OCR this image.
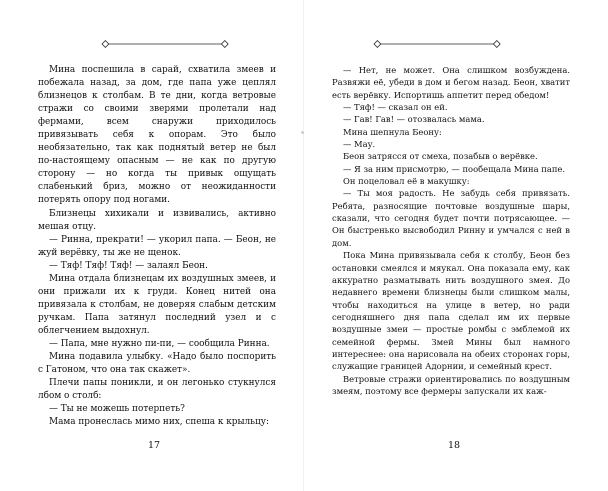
Мина поспешила в сарай, схватила змеев и побежала назад, за дом, где папа уже цеплял близнецов к столбам. В те дни, когда ветровые стражи со своими зверями пролетали над фермами, всем снаружи приходилось привязывать себя к опорам. Это было необязательно, так как поднятый ветер не был по-настоящему опасным — не как по другую сторону — но когда ты привык ощущать слабенький бриз, можно от неожиданности потерять опору под ногами.

Близнецы хихикали и извивались, активно мешая отцу.

— Ринна, прекрати! — укорил папа. — Беон, не жуй верёвку, ты же не щенок.

— Тяф! Тяф! Тяф! — залаял Беон.

Мина отдала близнецам их воздушных змеев, и они прижали их к груди. Конец нитей она привязала к столбам, не доверяя слабым детским ручкам. Папа затянул последний узел и с облегчением выдохнул.

— Папа, мне нужно пи-пи, — сообщила Ринна.

Мина подавила улыбку. «Надо было поспорить с Гатоном, что она так скажет».

Плечи папы поникли, и он легонько стукнулся лбом о столб:

— Ты не можешь потерпеть?

Мама пронеслась мимо них, спеша к крыльцу:

17

— Нет, не может. Она слишком возбуждена. Развяжи её, убеди в дом и бегом назад. Беон, хватит есть верёвку. Испортишь аппетит перед обедом!

— Тяф! — сказал он ей.

— Гав! Гав! — отозвалась мама.

Мина шепнула Беону:

— Мау.

Беон затрясся от смеха, позабыв о верёвке.

— Я за ним присмотрю, — пообещала Мина папе.

Он поцеловал её в макушку:

— Ты моя радость. Не забудь себя привязать. Ребята, разносящие почтовые воздушные шары, сказали, что сегодня будет почти потрясающее. — Он быстренько высвободил Ринну и умчался с ней в дом.

Пока Мина привязывала себя к столбу, Беон без остановки смеялся и мяукал. Она показала ему, как аккуратно разматывать нить воздушного змея. До недавнего времени близнецы были слишком малы, чтобы находиться на улице в ветер, но ради сегодняшнего дня папа сделал им их первые воздушные змеи — простые ромбы с эмблемой их семейной фермы. Змей Мины был намного интереснее: она нарисовала на обеих сторонах горы, служащие границей Адорнии, и семейный крест.

Ветровые стражи ориентировались по воздушным змеям, поэтому все фермеры запускали их каж-

18
